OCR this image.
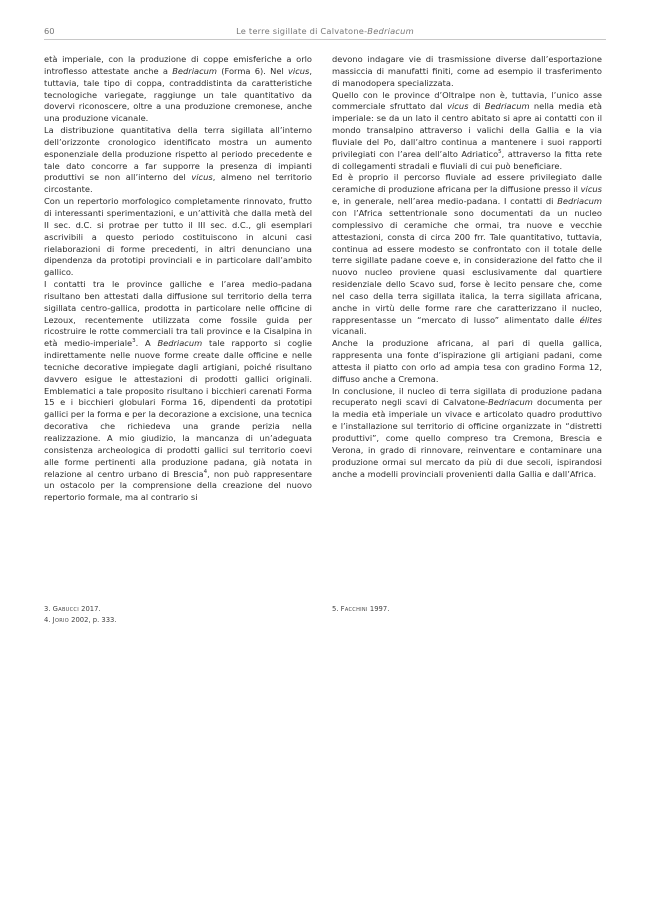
60	Le terre sigillate di Calvatone-Bedriacum

età imperiale, con la produzione di coppe emisferiche a orlo introflesso attestate anche a Bedriacum (Forma 6). Nel vicus, tuttavia, tale tipo di coppa, contraddistinta da caratteristiche tecnologiche variegate, raggiunge un tale quantitativo da dovervi riconoscere, oltre a una produzione cremonese, anche una produzione vicanale.

La distribuzione quantitativa della terra sigillata all’interno dell’orizzonte cronologico identificato mostra un aumento esponenziale della produzione rispetto al periodo precedente e tale dato concorre a far supporre la presenza di impianti produttivi se non all’interno del vicus, almeno nel territorio circostante.

Con un repertorio morfologico completamente rinnovato, frutto di interessanti sperimentazioni, e un’attività che dalla metà del II sec. d.C. si protrae per tutto il III sec. d.C., gli esemplari ascrivibili a questo periodo costituiscono in alcuni casi rielaborazioni di forme precedenti, in altri denunciano una dipendenza da prototipi provinciali e in particolare dall’ambito gallico.

I contatti tra le province galliche e l’area medio-padana risultano ben attestati dalla diffusione sul territorio della terra sigillata centro-gallica, prodotta in particolare nelle officine di Lezoux, recentemente utilizzata come fossile guida per ricostruire le rotte commerciali tra tali province e la Cisalpina in età medio-imperiale$^3$. A Bedriacum tale rapporto si coglie indirettamente nelle nuove forme create dalle officine e nelle tecniche decorative impiegate dagli artigiani, poiché risultano davvero esigue le attestazioni di prodotti gallici originali. Emblematici a tale proposito risultano i bicchieri carenati Forma 15 e i bicchieri globulari Forma 16, dipendenti da prototipi gallici per la forma e per la decorazione a excisione, una tecnica decorativa che richiedeva una grande perizia nella realizzazione. A mio giudizio, la mancanza di un’adeguata consistenza archeologica di prodotti gallici sul territorio coevi alle forme pertinenti alla produzione padana, già notata in relazione al centro urbano di Brescia$^4$, non può rappresentare un ostacolo per la comprensione della creazione del nuovo repertorio formale, ma al contrario si

devono indagare vie di trasmissione diverse dall’esportazione massiccia di manufatti finiti, come ad esempio il trasferimento di manodopera specializzata.

Quello con le province d’Oltralpe non è, tuttavia, l’unico asse commerciale sfruttato dal vicus di Bedriacum nella media età imperiale: se da un lato il centro abitato si apre ai contatti con il mondo transalpino attraverso i valichi della Gallia e la via fluviale del Po, dall’altro continua a mantenere i suoi rapporti privilegiati con l’area dell’alto Adriatico$^5$, attraverso la fitta rete di collegamenti stradali e fluviali di cui può beneficiare.

Ed è proprio il percorso fluviale ad essere privilegiato dalle ceramiche di produzione africana per la diffusione presso il vicus e, in generale, nell’area medio-padana. I contatti di Bedriacum con l’Africa settentrionale sono documentati da un nucleo complessivo di ceramiche che ormai, tra nuove e vecchie attestazioni, consta di circa 200 frr. Tale quantitativo, tuttavia, continua ad essere modesto se confrontato con il totale delle terre sigillate padane coeve e, in considerazione del fatto che il nuovo nucleo proviene quasi esclusivamente dal quartiere residenziale dello Scavo sud, forse è lecito pensare che, come nel caso della terra sigillata italica, la terra sigillata africana, anche in virtù delle forme rare che caratterizzano il nucleo, rappresentasse un “mercato di lusso” alimentato dalle élites vicanali.

Anche la produzione africana, al pari di quella gallica, rappresenta una fonte d’ispirazione gli artigiani padani, come attesta il piatto con orlo ad ampia tesa con gradino Forma 12, diffuso anche a Cremona.

In conclusione, il nucleo di terra sigillata di produzione padana recuperato negli scavi di Calvatone-Bedriacum documenta per la media età imperiale un vivace e articolato quadro produttivo e l’installazione sul territorio di officine organizzate in “distretti produttivi”, come quello compreso tra Cremona, Brescia e Verona, in grado di rinnovare, reinventare e contaminare una produzione ormai sul mercato da più di due secoli, ispirandosi anche a modelli provinciali provenienti dalla Gallia e dall’Africa.

3. Gabucci 2017.
4. Jorio 2002, p. 333.
5. Facchini 1997.
